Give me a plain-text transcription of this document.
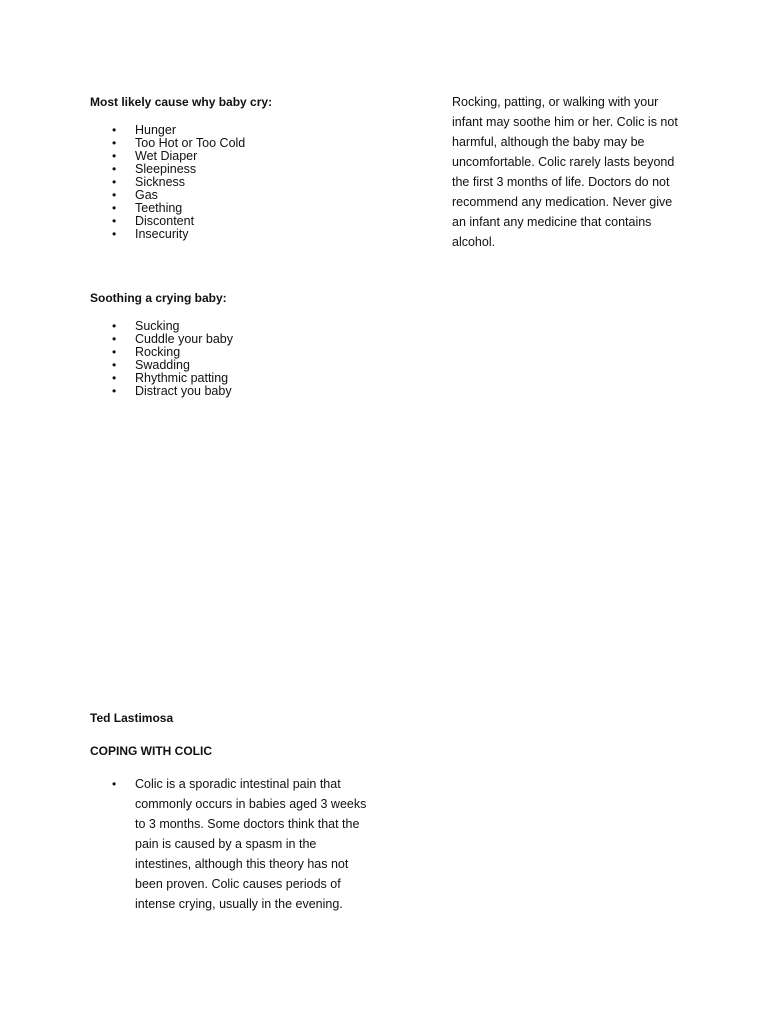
Most likely cause why baby cry:
• Hunger
• Too Hot or Too Cold
• Wet Diaper
• Sleepiness
• Sickness
• Gas
• Teething
• Discontent
• Insecurity
Soothing a crying baby:
• Sucking
• Cuddle your baby
• Rocking
• Swadding
• Rhythmic patting
• Distract you baby

Rocking, patting, or walking with your infant may soothe him or her. Colic is not harmful, although the baby may be uncomfortable. Colic rarely lasts beyond the first 3 months of life. Doctors do not recommend any medication. Never give an infant any medicine that contains alcohol.

Ted Lastimosa
COPING WITH COLIC
• Colic is a sporadic intestinal pain that commonly occurs in babies aged 3 weeks to 3 months. Some doctors think that the pain is caused by a spasm in the intestines, although this theory has not been proven. Colic causes periods of intense crying, usually in the evening.
